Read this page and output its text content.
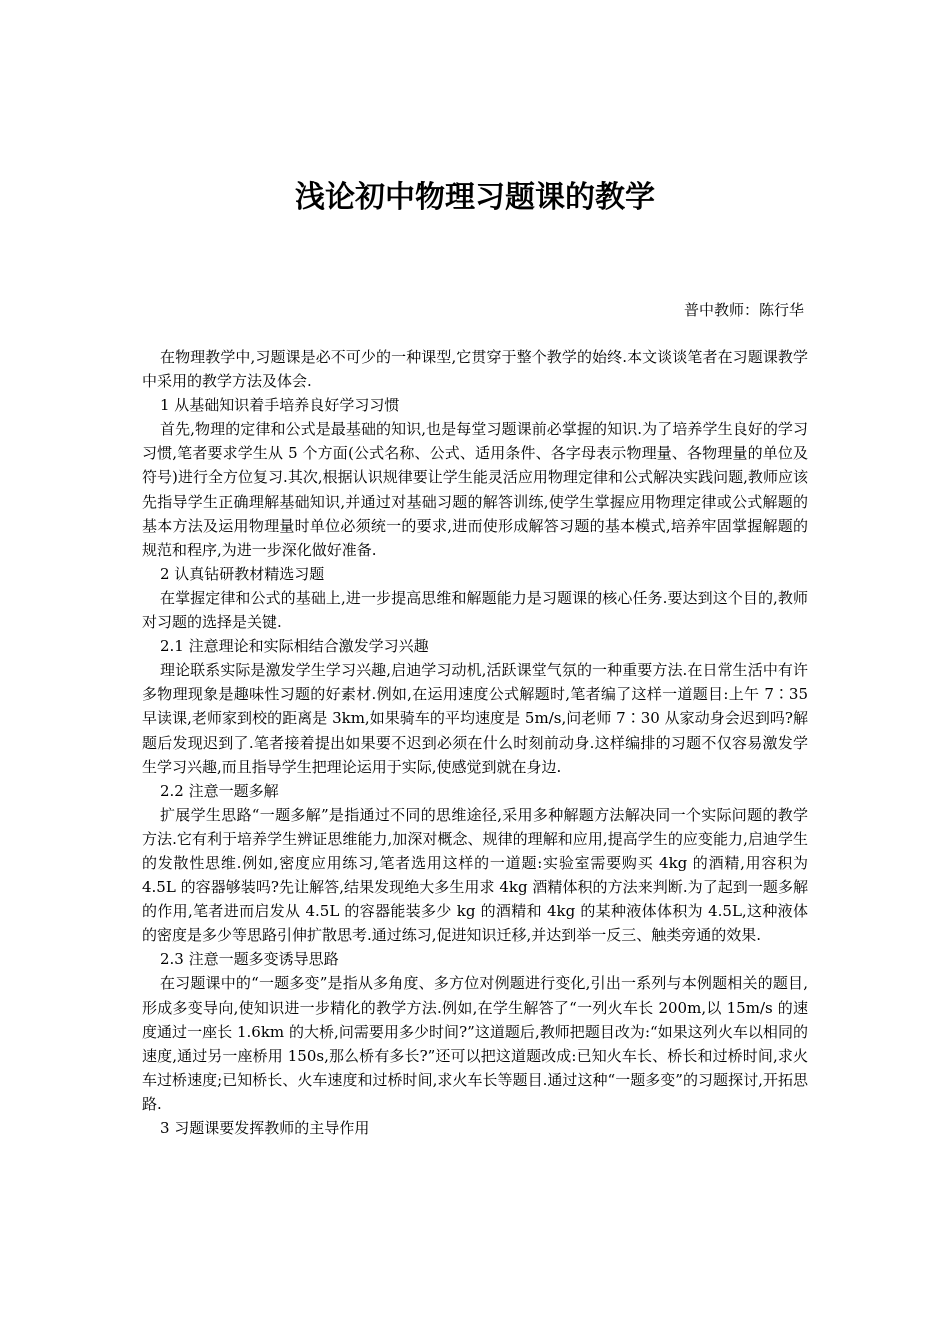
浅论初中物理习题课的教学
普中教师：陈行华

在物理教学中,习题课是必不可少的一种课型,它贯穿于整个教学的始终.本文谈谈笔者在习题课教学中采用的教学方法及体会.

1 从基础知识着手培养良好学习习惯

首先,物理的定律和公式是最基础的知识,也是每堂习题课前必掌握的知识.为了培养学生良好的学习习惯,笔者要求学生从 5 个方面(公式名称、公式、适用条件、各字母表示物理量、各物理量的单位及符号)进行全方位复习.其次,根据认识规律要让学生能灵活应用物理定律和公式解决实践问题,教师应该先指导学生正确理解基础知识,并通过对基础习题的解答训练,使学生掌握应用物理定律或公式解题的基本方法及运用物理量时单位必须统一的要求,进而使形成解答习题的基本模式,培养牢固掌握解题的规范和程序,为进一步深化做好准备.

2 认真钻研教材精选习题

在掌握定律和公式的基础上,进一步提高思维和解题能力是习题课的核心任务.要达到这个目的,教师对习题的选择是关键.

2.1 注意理论和实际相结合激发学习兴趣

理论联系实际是激发学生学习兴趣,启迪学习动机,活跃课堂气氛的一种重要方法.在日常生活中有许多物理现象是趣味性习题的好素材.例如,在运用速度公式解题时,笔者编了这样一道题目:上午 7∶35 早读课,老师家到校的距离是 3km,如果骑车的平均速度是 5m/s,问老师 7∶30 从家动身会迟到吗?解题后发现迟到了.笔者接着提出如果要不迟到必须在什么时刻前动身.这样编排的习题不仅容易激发学生学习兴趣,而且指导学生把理论运用于实际,使感觉到就在身边.

2.2 注意一题多解

扩展学生思路“一题多解”是指通过不同的思维途径,采用多种解题方法解决同一个实际问题的教学方法.它有利于培养学生辨证思维能力,加深对概念、规律的理解和应用,提高学生的应变能力,启迪学生的发散性思维.例如,密度应用练习,笔者选用这样的一道题:实验室需要购买 4kg 的酒精,用容积为 4.5L 的容器够装吗?先让解答,结果发现绝大多生用求 4kg 酒精体积的方法来判断.为了起到一题多解的作用,笔者进而启发从 4.5L 的容器能装多少 kg 的酒精和 4kg 的某种液体体积为 4.5L,这种液体的密度是多少等思路引伸扩散思考.通过练习,促进知识迁移,并达到举一反三、触类旁通的效果.

2.3 注意一题多变诱导思路

在习题课中的“一题多变”是指从多角度、多方位对例题进行变化,引出一系列与本例题相关的题目,形成多变导向,使知识进一步精化的教学方法.例如,在学生解答了“一列火车长 200m,以 15m/s 的速度通过一座长 1.6km 的大桥,问需要用多少时间?”这道题后,教师把题目改为:“如果这列火车以相同的速度,通过另一座桥用 150s,那么桥有多长?”还可以把这道题改成:已知火车长、桥长和过桥时间,求火车过桥速度;已知桥长、火车速度和过桥时间,求火车长等题目.通过这种“一题多变”的习题探讨,开拓思路.

3 习题课要发挥教师的主导作用
